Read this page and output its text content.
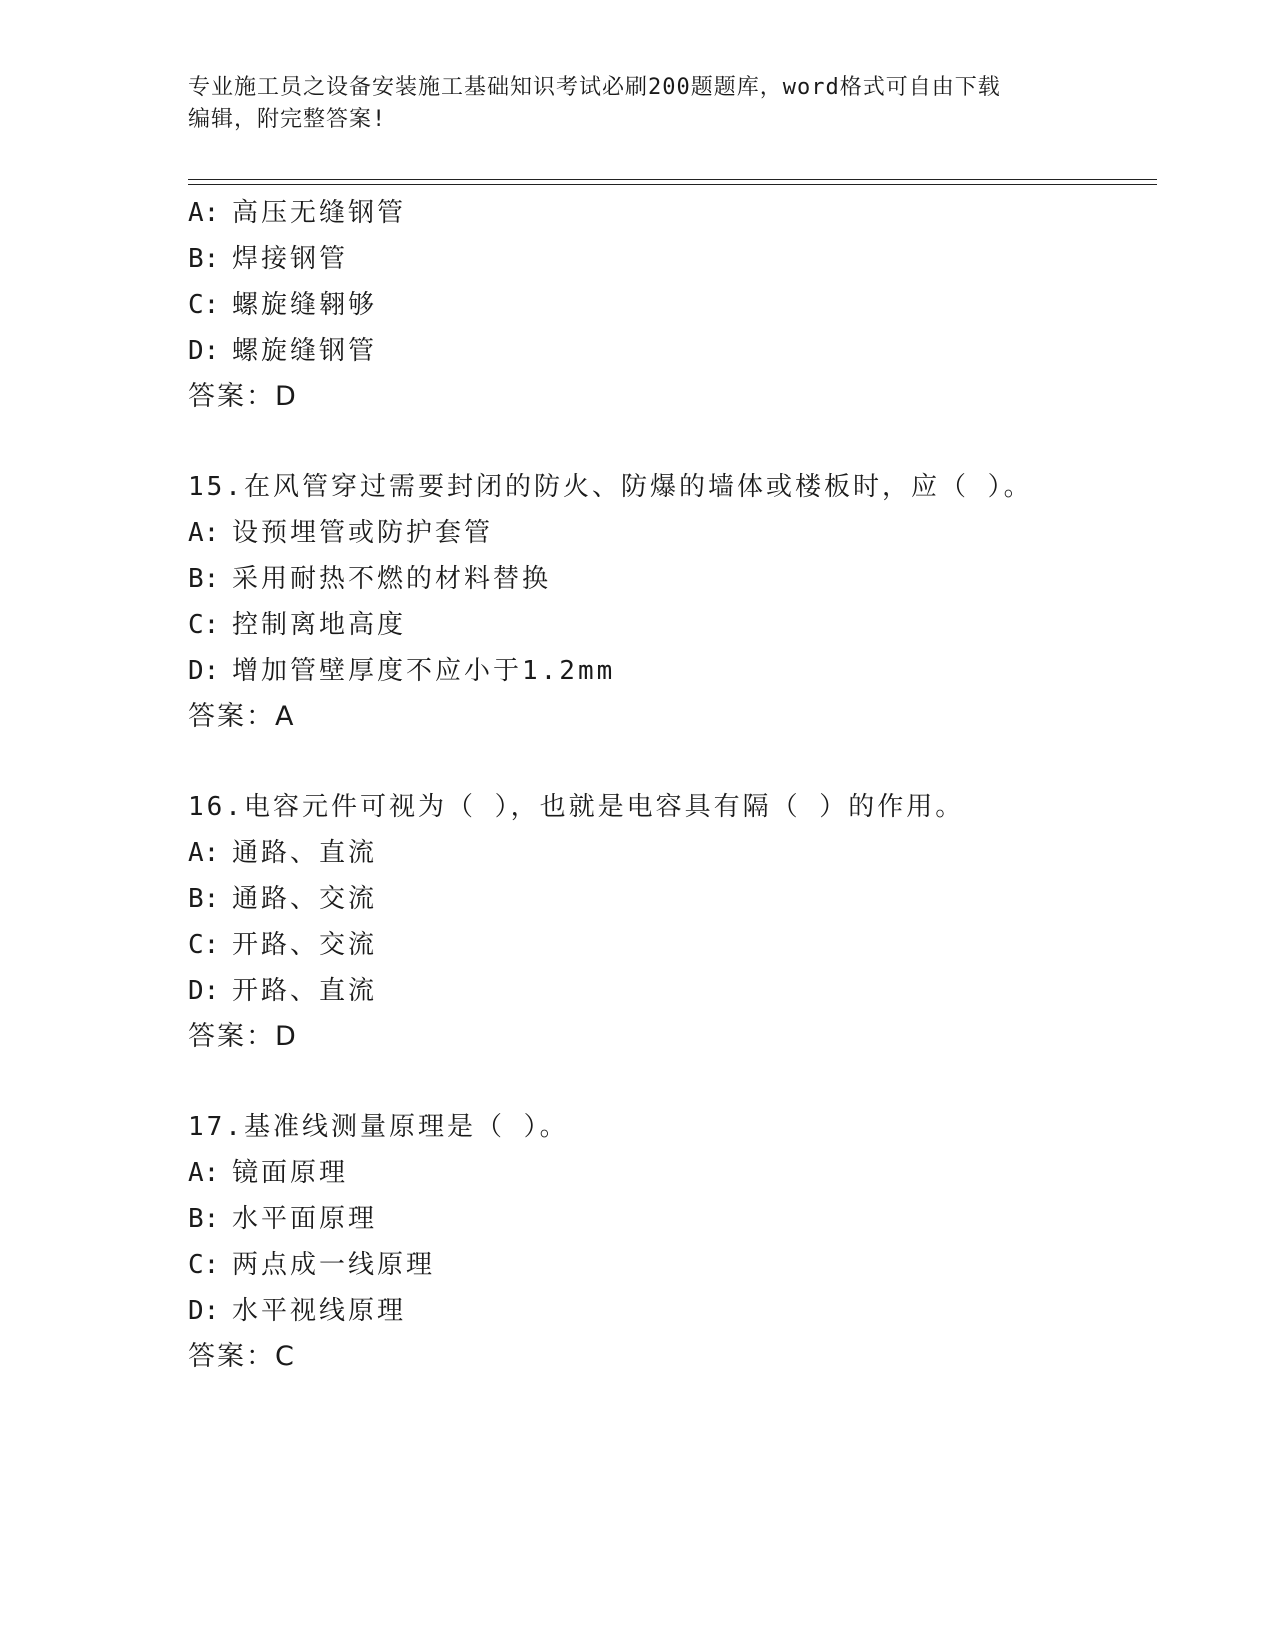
专业施工员之设备安装施工基础知识考试必刷200题题库，word格式可自由下载
编辑，附完整答案!
A: 高压无缝钢管
B: 焊接钢管
C: 螺旋缝翱够
D: 螺旋缝钢管
答案：D
15.在风管穿过需要封闭的防火、防爆的墙体或楼板时，应（ ）。
A: 设预埋管或防护套管
B: 采用耐热不燃的材料替换
C: 控制离地高度
D: 增加管壁厚度不应小于1.2mm
答案：A
16.电容元件可视为（ ），也就是电容具有隔（ ）的作用。
A: 通路、直流
B: 通路、交流
C: 开路、交流
D: 开路、直流
答案：D
17.基准线测量原理是（ ）。
A: 镜面原理
B: 水平面原理
C: 两点成一线原理
D: 水平视线原理
答案：C
